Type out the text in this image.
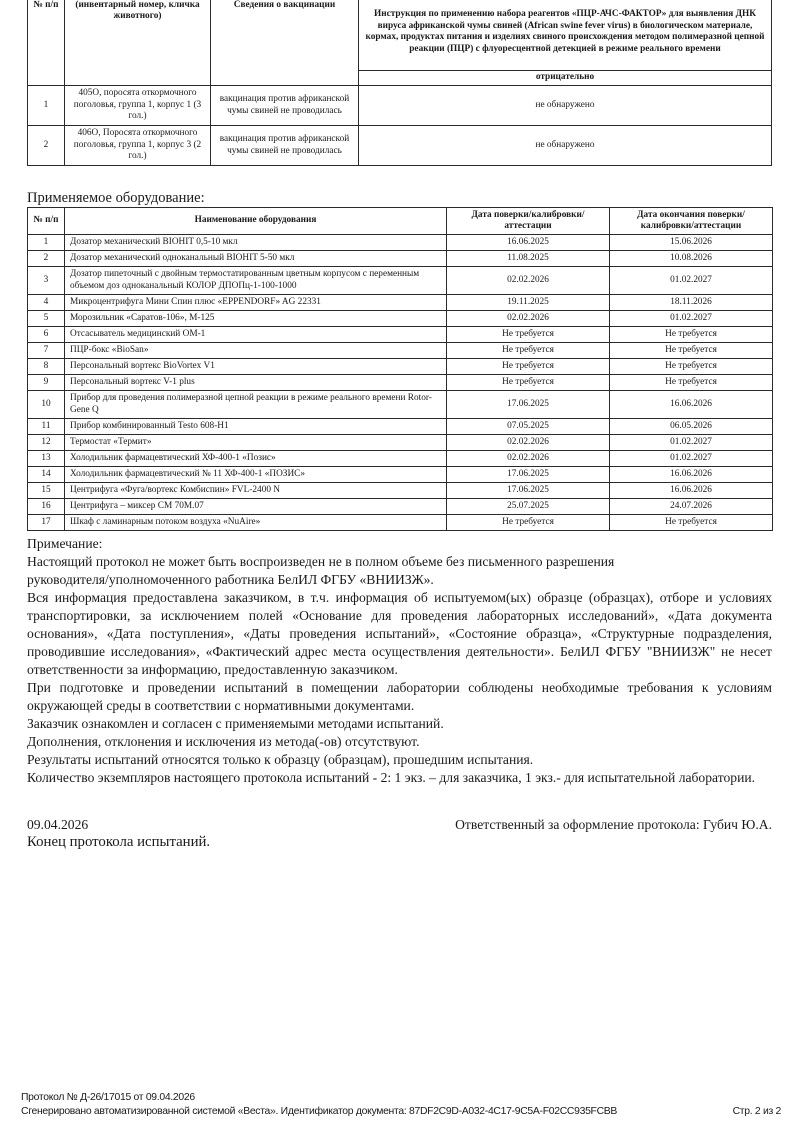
№ п/п	(инвентарный номер, кличка животного)	Сведения о вакцинации	Инструкция по применению набора реагентов «ПЦР-АЧС-ФАКТОР» для выявления ДНК вируса африканской чумы свиней (African swine fever virus) в биологическом материале, кормах, продуктах питания и изделиях свиного происхождения методом полимеразной цепной реакции (ПЦР) с флуоресцентной детекцией в режиме реального времени
			отрицательно
1	405О, поросята откормочного поголовья, группа 1, корпус 1 (3 гол.)	вакцинация против африканской чумы свиней не проводилась	не обнаружено
2	406О, Поросята откормочного поголовья, группа 1, корпус 3 (2 гол.)	вакцинация против африканской чумы свиней не проводилась	не обнаружено
Применяемое оборудование:
№ п/п	Наименование оборудования	Дата поверки/калибровки/аттестации	Дата окончания поверки/калибровки/аттестации
1	Дозатор механический BIOHIT 0,5-10 мкл	16.06.2025	15.06.2026
2	Дозатор механический одноканальный BIOHIT 5-50 мкл	11.08.2025	10.08.2026
3	Дозатор пипеточный с двойным термостатированным цветным корпусом с переменным объемом доз одноканальный КОЛОР ДПОПц-1-100-1000	02.02.2026	01.02.2027
4	Микроцентрифуга Мини Спин плюс «EPPENDORF» AG 22331	19.11.2025	18.11.2026
5	Морозильник «Саратов-106», М-125	02.02.2026	01.02.2027
6	Отсасыватель медицинский ОМ-1	Не требуется	Не требуется
7	ПЦР-бокс «BioSan»	Не требуется	Не требуется
8	Персональный вортекс BioVortex V1	Не требуется	Не требуется
9	Персональный вортекс V-1 plus	Не требуется	Не требуется
10	Прибор для проведения полимеразной цепной реакции в режиме реального времени Rotor-Gene Q	17.06.2025	16.06.2026
11	Прибор комбинированный Testo 608-H1	07.05.2025	06.05.2026
12	Термостат «Термит»	02.02.2026	01.02.2027
13	Холодильник фармацевтический ХФ-400-1 «Позис»	02.02.2026	01.02.2027
14	Холодильник фармацевтический № 11 ХФ-400-1 «ПОЗИС»	17.06.2025	16.06.2026
15	Центрифуга «Фуга/вортекс Комбиспин» FVL-2400 N	17.06.2025	16.06.2026
16	Центрифуга – миксер СМ 70М.07	25.07.2025	24.07.2026
17	Шкаф с ламинарным потоком воздуха «NuAire»	Не требуется	Не требуется

Примечание:

Настоящий протокол не может быть воспроизведен не в полном объеме без письменного разрешения

руководителя/уполномоченного работника БелИЛ ФГБУ «ВНИИЗЖ».

Вся информация предоставлена заказчиком, в т.ч. информация об испытуемом(ых) образце (образцах), отборе и условиях транспортировки, за исключением полей «Основание для проведения лабораторных исследований», «Дата документа основания», «Дата поступления», «Даты проведения испытаний», «Состояние образца», «Структурные подразделения, проводившие исследования», «Фактический адрес места осуществления деятельности». БелИЛ ФГБУ "ВНИИЗЖ" не несет ответственности за информацию, предоставленную заказчиком.

При подготовке и проведении испытаний в помещении лаборатории соблюдены необходимые требования к условиям окружающей среды в соответствии с нормативными документами.

Заказчик ознакомлен и согласен с применяемыми методами испытаний.

Дополнения, отклонения и исключения из метода(-ов) отсутствуют.

Результаты испытаний относятся только к образцу (образцам), прошедшим испытания.

Количество экземпляров настоящего протокола испытаний - 2: 1 экз. – для заказчика, 1 экз.- для испытательной лаборатории.

09.04.2026	Ответственный за оформление протокола: Губич Ю.А.
Конец протокола испытаний.
Протокол № Д-26/17015 от 09.04.2026
Сгенерировано автоматизированной системой «Веста». Идентификатор документа: 87DF2C9D-A032-4C17-9C5A-F02CC935FCBB	Стр. 2 из 2
